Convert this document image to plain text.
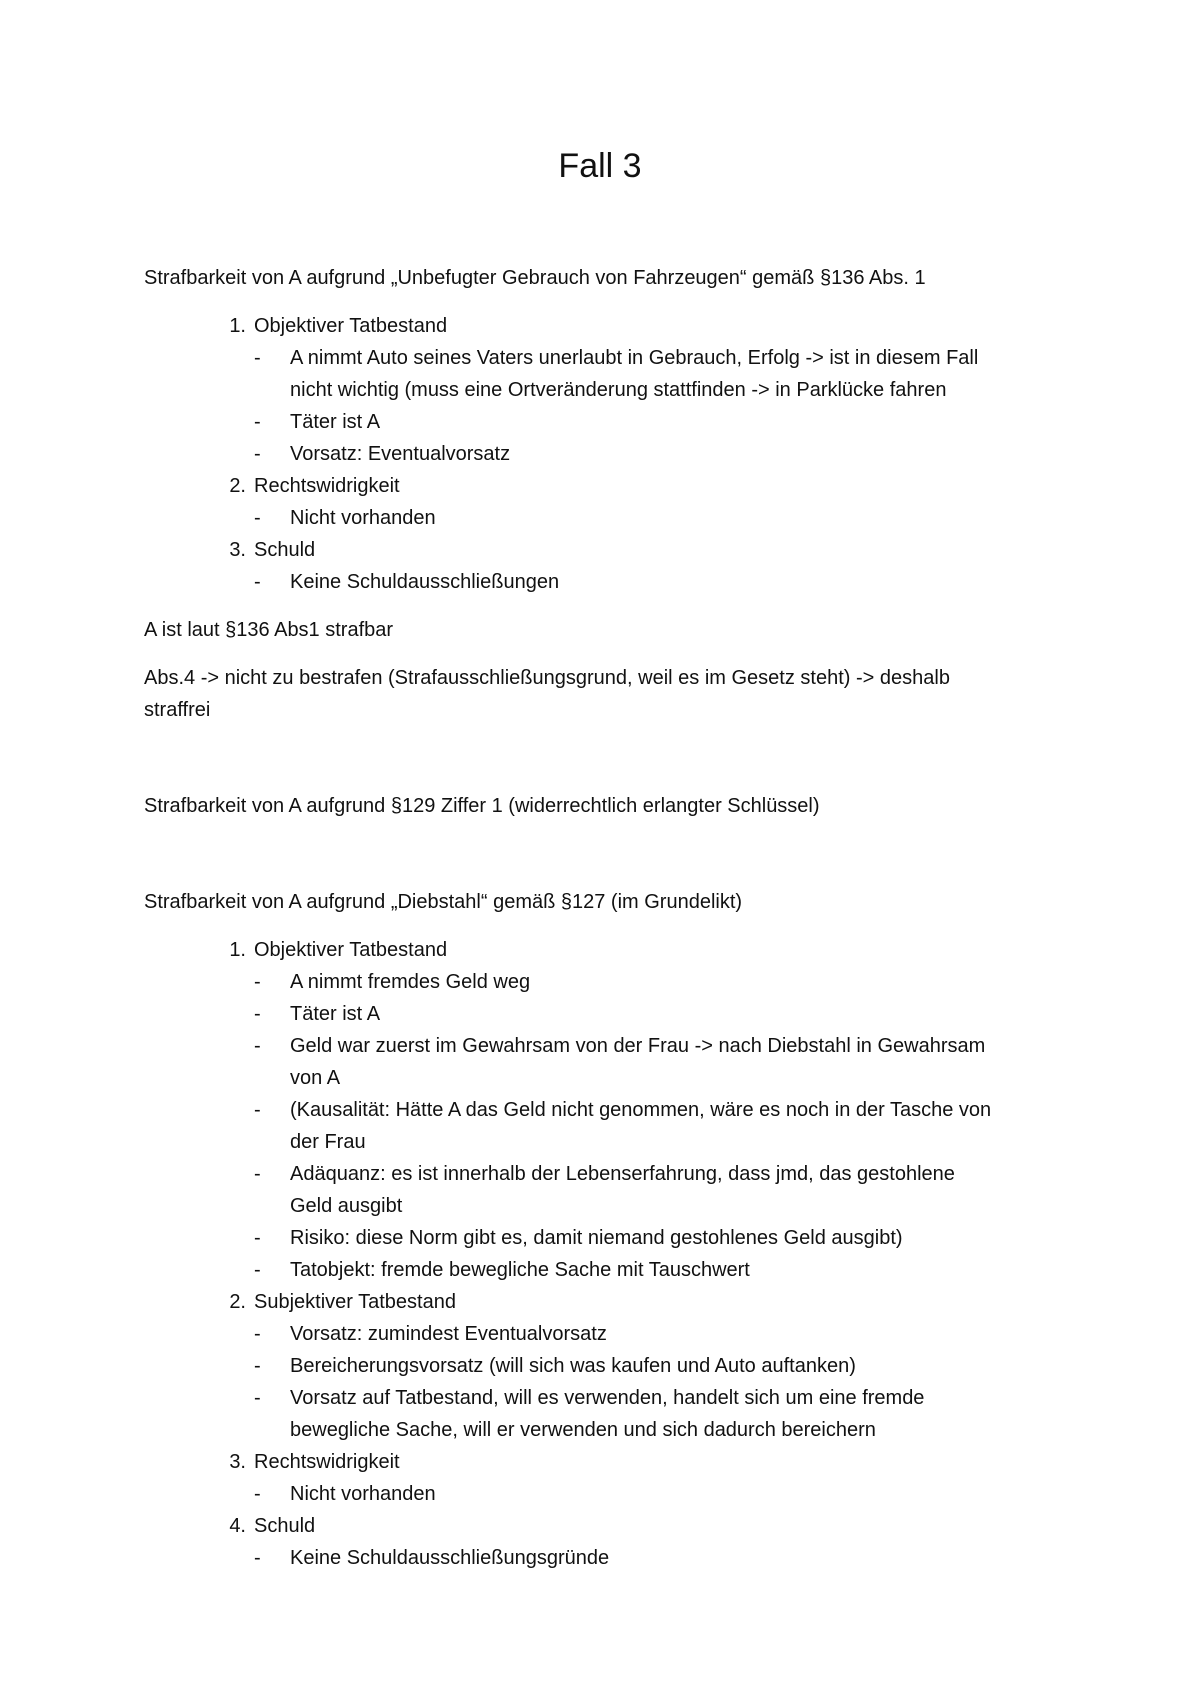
Fall 3
Strafbarkeit von A aufgrund „Unbefugter Gebrauch von Fahrzeugen“ gemäß §136 Abs. 1
1. Objektiver Tatbestand
- A nimmt Auto seines Vaters unerlaubt in Gebrauch, Erfolg -> ist in diesem Fall
nicht wichtig (muss eine Ortveränderung stattfinden -> in Parklücke fahren
- Täter ist A
- Vorsatz: Eventualvorsatz
2. Rechtswidrigkeit
- Nicht vorhanden
3. Schuld
- Keine Schuldausschließungen
A ist laut §136 Abs1 strafbar
Abs.4 -> nicht zu bestrafen (Strafausschließungsgrund, weil es im Gesetz steht) -> deshalb
straffrei
Strafbarkeit von A aufgrund §129 Ziffer 1 (widerrechtlich erlangter Schlüssel)
Strafbarkeit von A aufgrund „Diebstahl“ gemäß §127 (im Grundelikt)
1. Objektiver Tatbestand
- A nimmt fremdes Geld weg
- Täter ist A
- Geld war zuerst im Gewahrsam von der Frau -> nach Diebstahl in Gewahrsam
von A
- (Kausalität: Hätte A das Geld nicht genommen, wäre es noch in der Tasche von
der Frau
- Adäquanz: es ist innerhalb der Lebenserfahrung, dass jmd, das gestohlene
Geld ausgibt
- Risiko: diese Norm gibt es, damit niemand gestohlenes Geld ausgibt)
- Tatobjekt: fremde bewegliche Sache mit Tauschwert
2. Subjektiver Tatbestand
- Vorsatz: zumindest Eventualvorsatz
- Bereicherungsvorsatz (will sich was kaufen und Auto auftanken)
- Vorsatz auf Tatbestand, will es verwenden, handelt sich um eine fremde
bewegliche Sache, will er verwenden und sich dadurch bereichern
3. Rechtswidrigkeit
- Nicht vorhanden
4. Schuld
- Keine Schuldausschließungsgründe
